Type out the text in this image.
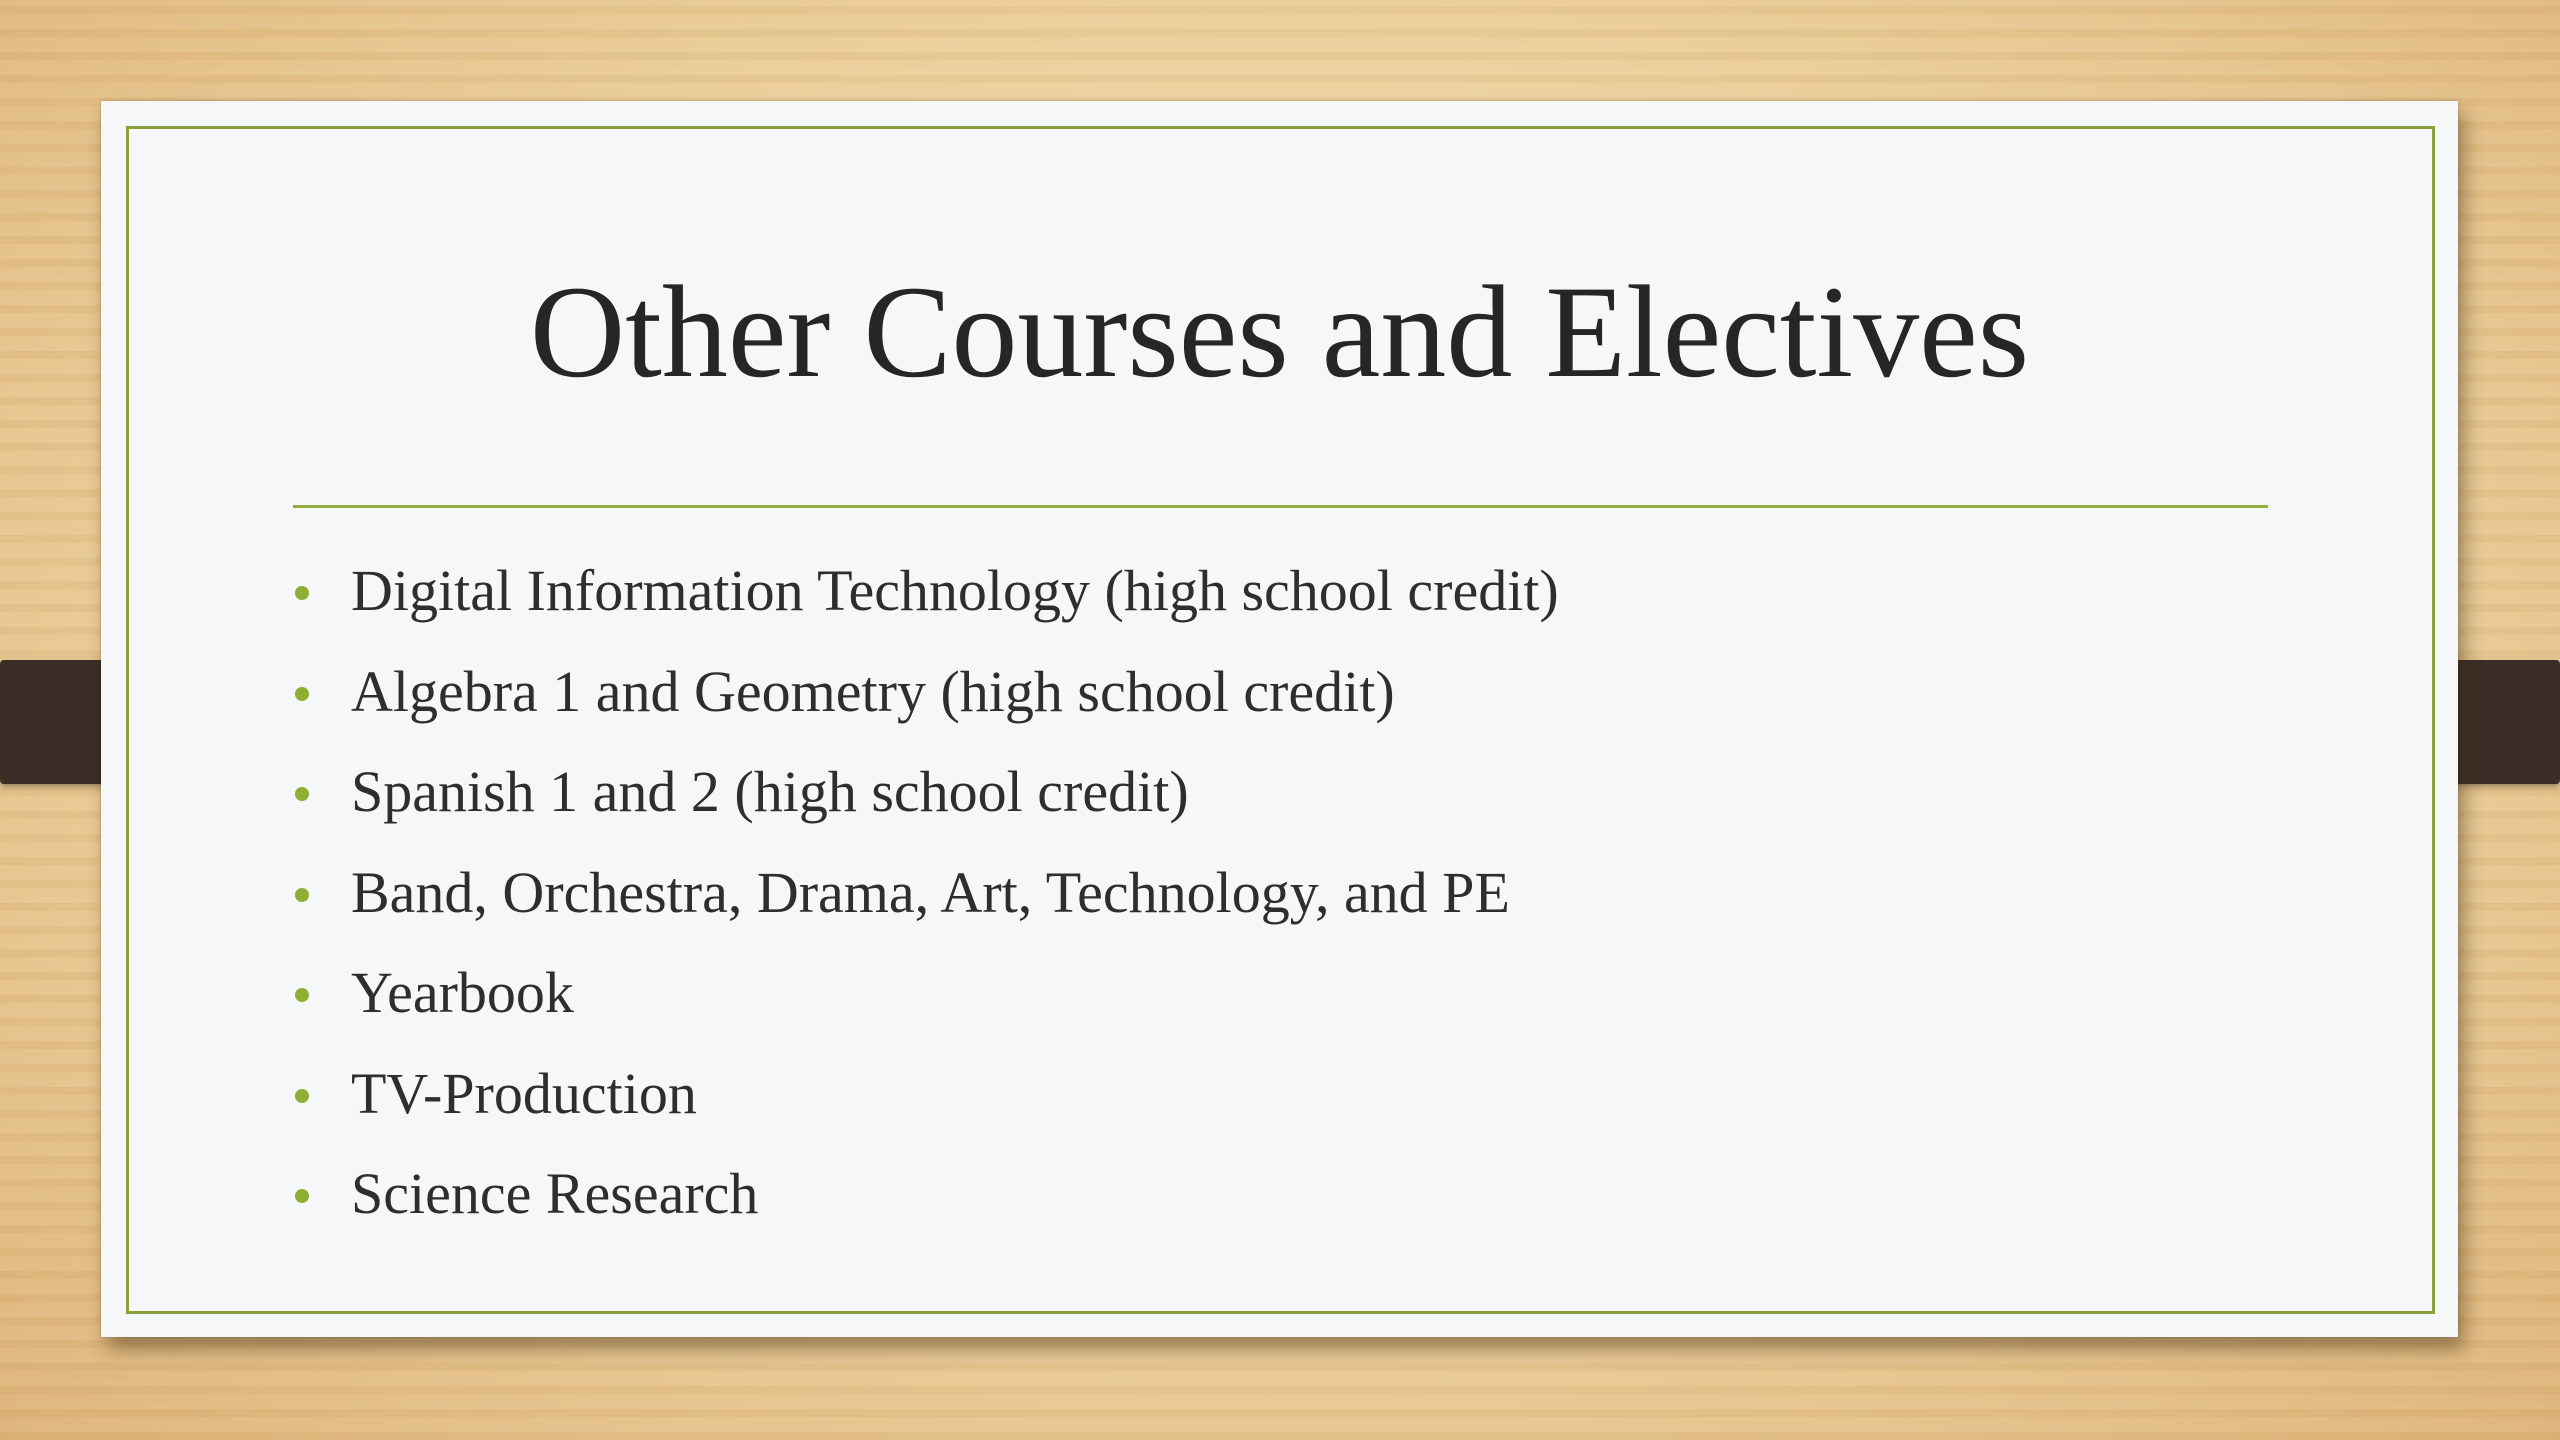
Other Courses and Electives
Digital Information Technology (high school credit)
Algebra 1 and Geometry (high school credit)
Spanish 1 and 2 (high school credit)
Band, Orchestra, Drama, Art, Technology, and PE
Yearbook
TV-Production
Science Research
